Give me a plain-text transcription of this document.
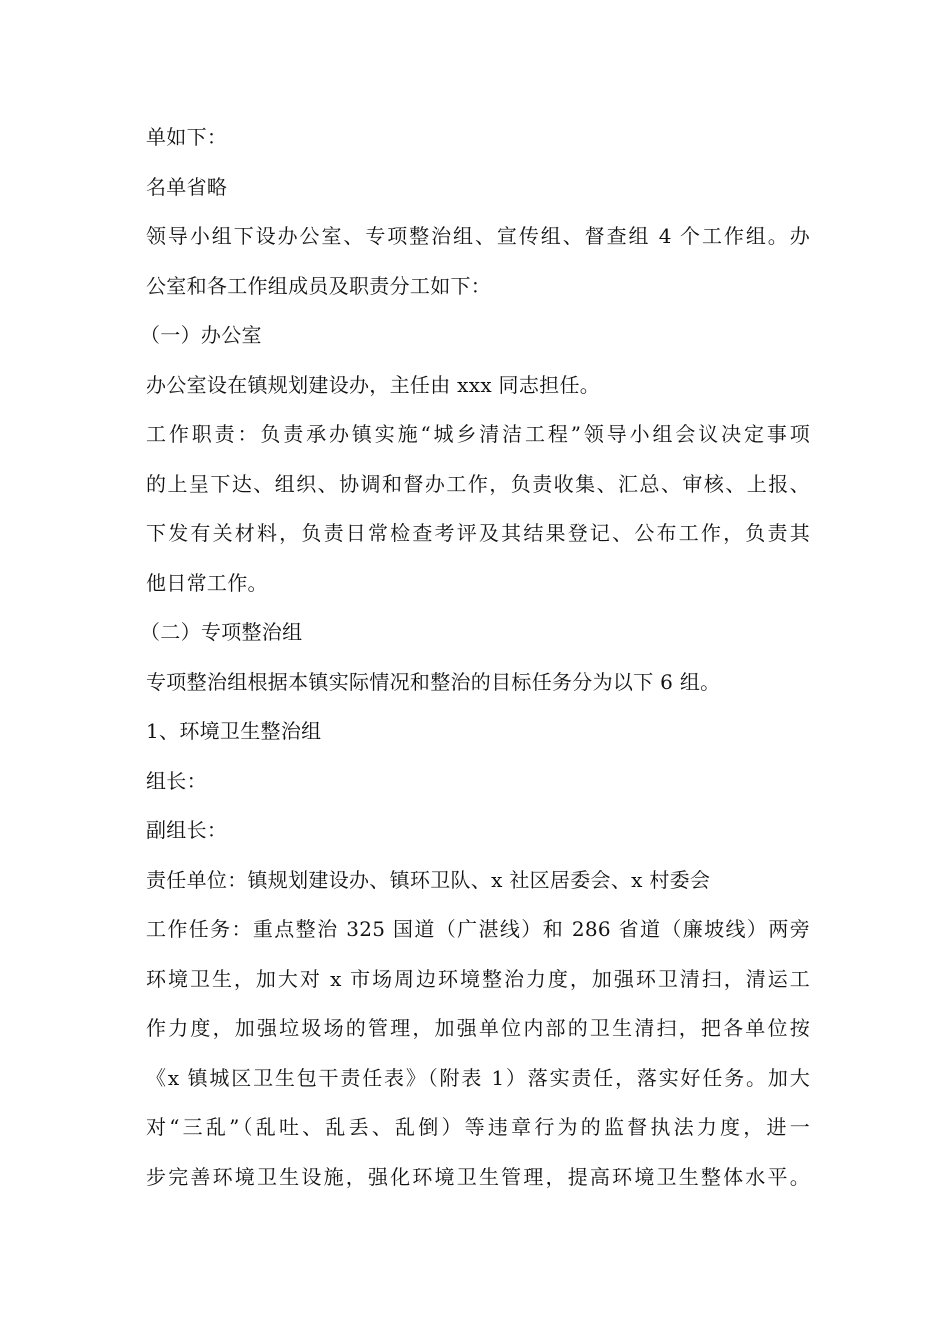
单如下：
名单省略
领导小组下设办公室、专项整治组、宣传组、督查组 4 个工作组。办
公室和各工作组成员及职责分工如下：
（一）办公室
办公室设在镇规划建设办，主任由 xxx 同志担任。
工作职责：负责承办镇实施“城乡清洁工程”领导小组会议决定事项
的上呈下达、组织、协调和督办工作，负责收集、汇总、审核、上报、
下发有关材料，负责日常检查考评及其结果登记、公布工作，负责其
他日常工作。
（二）专项整治组
专项整治组根据本镇实际情况和整治的目标任务分为以下 6 组。
1、环境卫生整治组
组长：
副组长：
责任单位：镇规划建设办、镇环卫队、x 社区居委会、x 村委会
工作任务：重点整治 325 国道（广湛线）和 286 省道（廉坡线）两旁
环境卫生，加大对 x 市场周边环境整治力度，加强环卫清扫，清运工
作力度，加强垃圾场的管理，加强单位内部的卫生清扫，把各单位按
《x 镇城区卫生包干责任表》（附表 1）落实责任，落实好任务。加大
对“三乱”（乱吐、乱丢、乱倒）等违章行为的监督执法力度，进一
步完善环境卫生设施，强化环境卫生管理，提高环境卫生整体水平。
